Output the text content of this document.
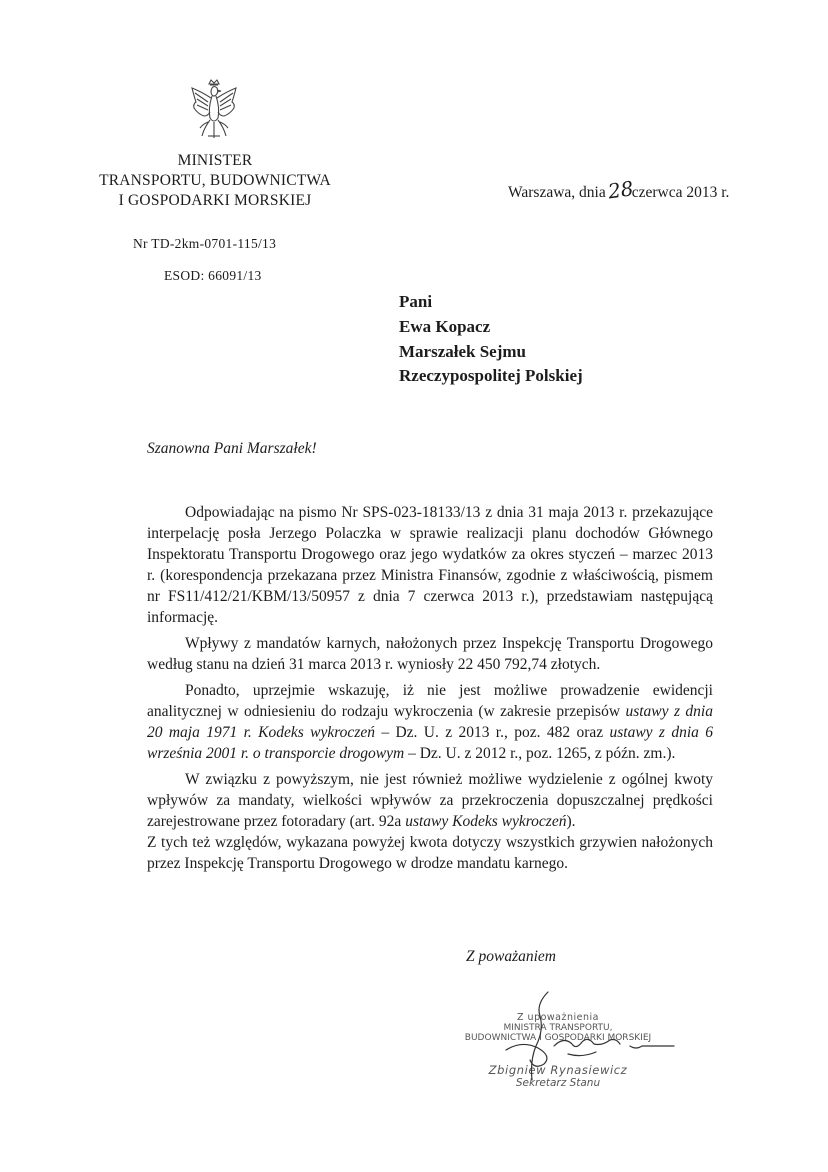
MINISTER
TRANSPORTU, BUDOWNICTWA
I GOSPODARKI MORSKIEJ	Warszawa, dnia28czerwca 2013 r.
Nr TD-2km-0701-115/13
ESOD: 66091/13
Pani
Ewa Kopacz
Marszałek Sejmu
Rzeczypospolitej Polskiej
Szanowna Pani Marszałek!

Odpowiadając na pismo Nr SPS-023-18133/13 z dnia 31 maja 2013 r. przekazujące interpelację posła Jerzego Polaczka w sprawie realizacji planu dochodów Głównego Inspektoratu Transportu Drogowego oraz jego wydatków za okres styczeń – marzec 2013 r. (korespondencja przekazana przez Ministra Finansów, zgodnie z właściwością, pismem nr FS11/412/21/KBM/13/50957 z dnia 7 czerwca 2013 r.), przedstawiam następującą informację.

Wpływy z mandatów karnych, nałożonych przez Inspekcję Transportu Drogowego według stanu na dzień 31 marca 2013 r. wyniosły 22 450 792,74 złotych.

Ponadto, uprzejmie wskazuję, iż nie jest możliwe prowadzenie ewidencji analitycznej w odniesieniu do rodzaju wykroczenia (w zakresie przepisów ustawy z dnia 20 maja 1971 r. Kodeks wykroczeń – Dz. U. z 2013 r., poz. 482 oraz ustawy z dnia 6 września 2001 r. o transporcie drogowym – Dz. U. z 2012 r., poz. 1265, z późn. zm.).

W związku z powyższym, nie jest również możliwe wydzielenie z ogólnej kwoty wpływów za mandaty, wielkości wpływów za przekroczenia dopuszczalnej prędkości zarejestrowane przez fotoradary (art. 92a ustawy Kodeks wykroczeń).

Z tych też względów, wykazana powyżej kwota dotyczy wszystkich grzywien nałożonych przez Inspekcję Transportu Drogowego w drodze mandatu karnego.

Z poważaniem
Z upoważnienia
MINISTRA TRANSPORTU,
BUDOWNICTWA I GOSPODARKI MORSKIEJ
Zbigniew Rynasiewicz
Sekretarz Stanu
